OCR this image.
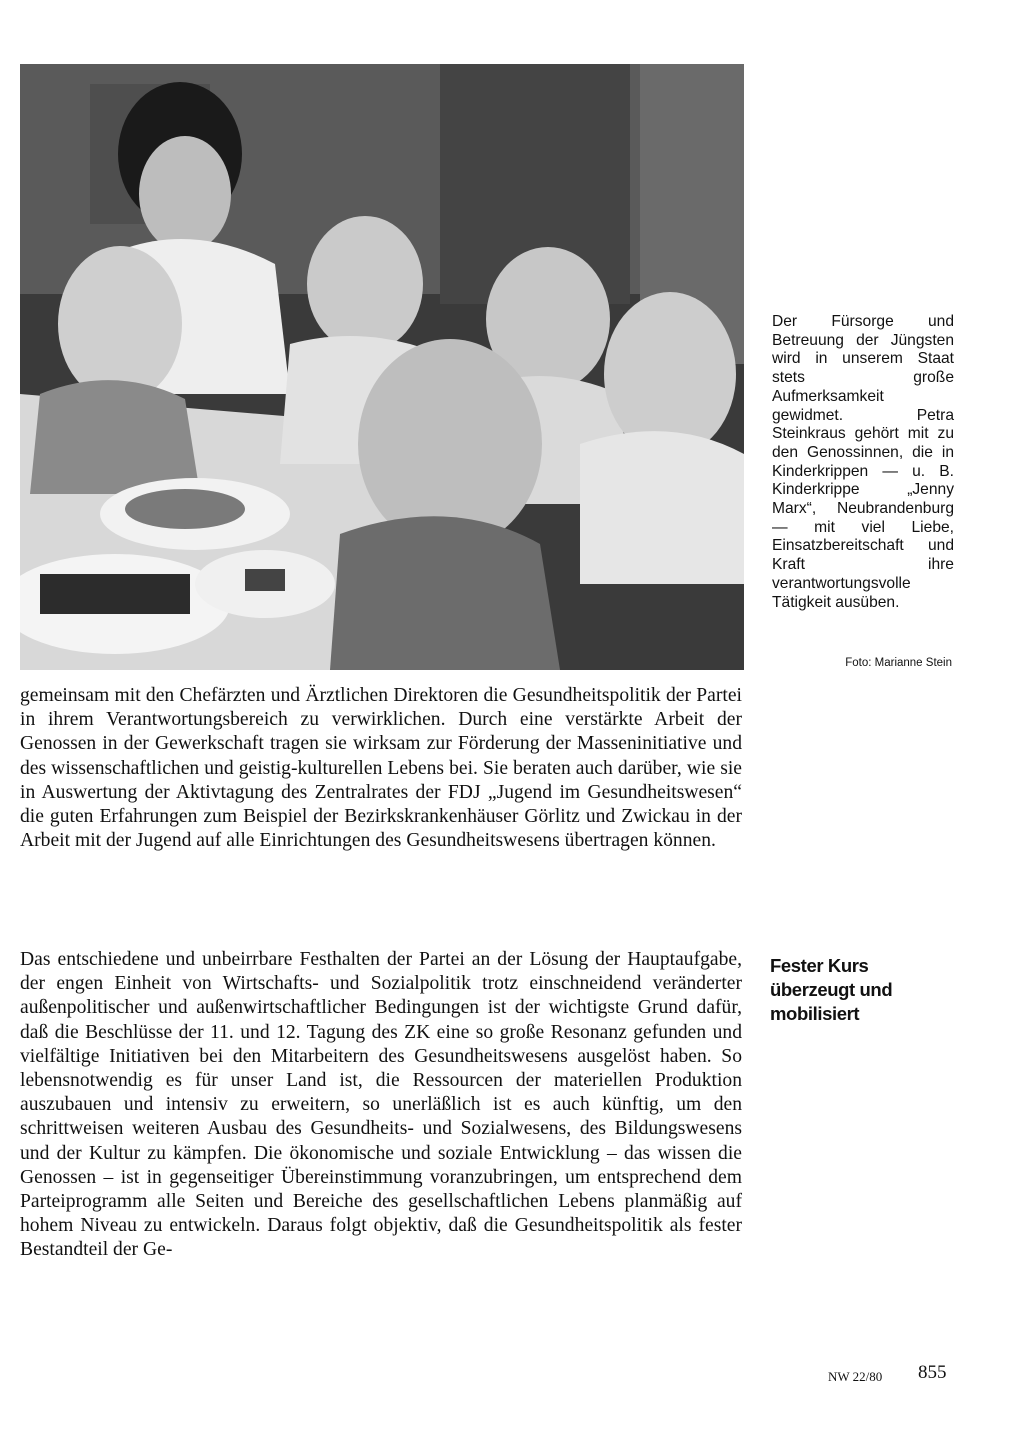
Der Fürsorge und Betreuung der Jüngsten wird in unserem Staat stets große Aufmerksamkeit gewidmet. Petra Steinkraus gehört mit zu den Genossinnen, die in Kinderkrippen — u. B. Kinderkrippe „Jenny Marx“, Neubrandenburg — mit viel Liebe, Einsatzbereitschaft und Kraft ihre verantwortungsvolle Tätigkeit ausüben.

Foto: Marianne Stein

gemeinsam mit den Chefärzten und Ärztlichen Direktoren die Gesundheitspolitik der Partei in ihrem Verantwortungsbereich zu verwirklichen. Durch eine verstärkte Arbeit der Genossen in der Gewerkschaft tragen sie wirksam zur Förderung der Masseninitiative und des wissenschaftlichen und geistig-kulturellen Lebens bei. Sie beraten auch darüber, wie sie in Auswertung der Aktivtagung des Zentralrates der FDJ „Jugend im Gesundheitswesen“ die guten Erfahrungen zum Beispiel der Bezirkskrankenhäuser Görlitz und Zwickau in der Arbeit mit der Jugend auf alle Einrichtungen des Gesundheitswesens übertragen können.

Das entschiedene und unbeirrbare Festhalten der Partei an der Lösung der Hauptaufgabe, der engen Einheit von Wirtschafts- und Sozialpolitik trotz einschneidend veränderter außenpolitischer und außenwirtschaftlicher Bedingungen ist der wichtigste Grund dafür, daß die Beschlüsse der 11. und 12. Tagung des ZK eine so große Resonanz gefunden und vielfältige Initiativen bei den Mitarbeitern des Gesundheitswesens ausgelöst haben. So lebensnotwendig es für unser Land ist, die Ressourcen der materiellen Produktion auszubauen und intensiv zu erweitern, so unerläßlich ist es auch künftig, um den schrittweisen weiteren Ausbau des Gesundheits- und Sozialwesens, des Bildungswesens und der Kultur zu kämpfen. Die ökonomische und soziale Entwicklung – das wissen die Genossen – ist in gegenseitiger Übereinstimmung voranzubringen, um entsprechend dem Parteiprogramm alle Seiten und Bereiche des gesellschaftlichen Lebens planmäßig auf hohem Niveau zu entwickeln. Daraus folgt objektiv, daß die Gesundheitspolitik als fester Bestandteil der Ge-

Fester Kurs
überzeugt und
mobilisiert
NW 22/80 855
